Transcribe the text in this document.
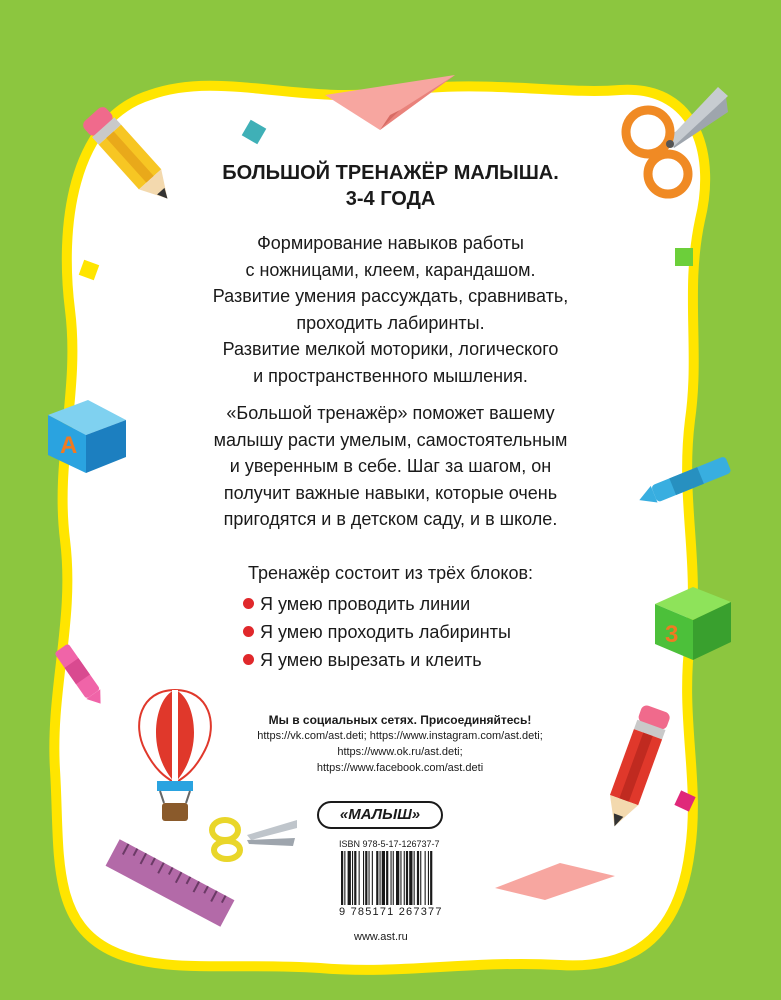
А
3
БОЛЬШОЙ ТРЕНАЖЁР МАЛЫША.
3-4 ГОДА
Формирование навыков работы
с ножницами, клеем, карандашом.
Развитие умения рассуждать, сравнивать,
проходить лабиринты.
Развитие мелкой моторики, логического
и пространственного мышления.
«Большой тренажёр» поможет вашему
малышу расти умелым, самостоятельным
и уверенным в себе. Шаг за шагом, он
получит важные навыки, которые очень
пригодятся и в детском саду, и в школе.
Тренажёр состоит из трёх блоков:
Я умею проводить линии
Я умею проходить лабиринты
Я умею вырезать и клеить
Мы в социальных сетях. Присоединяйтесь!
https://vk.com/ast.deti; https://www.instagram.com/ast.deti;
https://www.ok.ru/ast.deti;
https://www.facebook.com/ast.deti
«МАЛЫШ»
ISBN 978-5-17-126737-7
9 785171 267377
www.ast.ru
